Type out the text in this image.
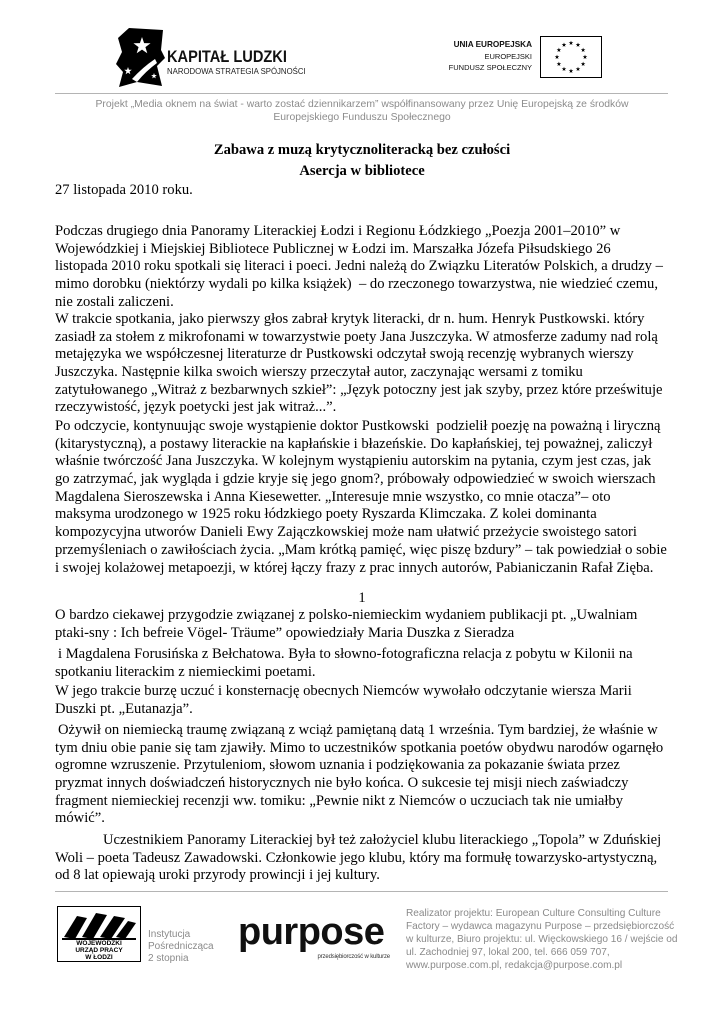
KAPITAŁ LUDZKI
NARODOWA STRATEGIA SPÓJNOŚCI
UNIA EUROPEJSKA
EUROPEJSKI
FUNDUSZ SPOŁECZNY
Projekt „Media oknem na świat - warto zostać dziennikarzem” współfinansowany przez Unię Europejską ze środków
Europejskiego Funduszu Społecznego
Zabawa z muzą krytycznoliteracką bez czułości
Asercja w bibliotece
27 listopada 2010 roku.
Podczas drugiego dnia Panoramy Literackiej Łodzi i Regionu Łódzkiego „Poezja 2001–2010” w
Wojewódzkiej i Miejskiej Bibliotece Publicznej w Łodzi im. Marszałka Józefa Piłsudskiego 26
listopada 2010 roku spotkali się literaci i poeci. Jedni należą do Związku Literatów Polskich, a drudzy –
mimo dorobku (niektórzy wydali po kilka książek)  – do rzeczonego towarzystwa, nie wiedzieć czemu,
nie zostali zaliczeni.
W trakcie spotkania, jako pierwszy głos zabrał krytyk literacki, dr n. hum. Henryk Pustkowski. który
zasiadł za stołem z mikrofonami w towarzystwie poety Jana Juszczyka. W atmosferze zadumy nad rolą
metajęzyka we współczesnej literaturze dr Pustkowski odczytał swoją recenzję wybranych wierszy
Juszczyka. Następnie kilka swoich wierszy przeczytał autor, zaczynając wersami z tomiku
zatytułowanego „Witraż z bezbarwnych szkieł”: „Język potoczny jest jak szyby, przez które prześwituje
rzeczywistość, język poetycki jest jak witraż...”.
Po odczycie, kontynuując swoje wystąpienie doktor Pustkowski  podzielił poezję na poważną i liryczną
(kitarystyczną), a postawy literackie na kapłańskie i błazeńskie. Do kapłańskiej, tej poważnej, zaliczył
właśnie twórczość Jana Juszczyka. W kolejnym wystąpieniu autorskim na pytania, czym jest czas, jak
go zatrzymać, jak wygląda i gdzie kryje się jego gnom?, próbowały odpowiedzieć w swoich wierszach
Magdalena Sieroszewska i Anna Kiesewetter. „Interesuje mnie wszystko, co mnie otacza”– oto
maksyma urodzonego w 1925 roku łódzkiego poety Ryszarda Klimczaka. Z kolei dominanta
kompozycyjna utworów Danieli Ewy Zajączkowskiej może nam ułatwić przeżycie swoistego satori
przemyśleniach o zawiłościach życia. „Mam krótką pamięć, więc piszę bzdury” – tak powiedział o sobie
i swojej kolażowej metapoezji, w której łączy frazy z prac innych autorów, Pabianiczanin Rafał Zięba.
1
O bardzo ciekawej przygodzie związanej z polsko-niemieckim wydaniem publikacji pt. „Uwalniam
ptaki-sny : Ich befreie Vögel- Träume” opowiedziały Maria Duszka z Sieradza
i Magdalena Forusińska z Bełchatowa. Była to słowno-fotograficzna relacja z pobytu w Kilonii na
spotkaniu literackim z niemieckimi poetami.
W jego trakcie burzę uczuć i konsternację obecnych Niemców wywołało odczytanie wiersza Marii
Duszki pt. „Eutanazja”.
Ożywił on niemiecką traumę związaną z wciąż pamiętaną datą 1 września. Tym bardziej, że właśnie w
tym dniu obie panie się tam zjawiły. Mimo to uczestników spotkania poetów obydwu narodów ogarnęło
ogromne wzruszenie. Przytuleniom, słowom uznania i podziękowania za pokazanie świata przez
pryzmat innych doświadczeń historycznych nie było końca. O sukcesie tej misji niech zaświadczy
fragment niemieckiej recenzji ww. tomiku: „Pewnie nikt z Niemców o uczuciach tak nie umiałby
mówić”.
Uczestnikiem Panoramy Literackiej był też założyciel klubu literackiego „Topola” w Zduńskiej
Woli – poeta Tadeusz Zawadowski. Członkowie jego klubu, który ma formułę towarzysko-artystyczną,
od 8 lat opiewają uroki przyrody prowincji i jej kultury.
WOJEWÓDZKI
URZĄD PRACY
W ŁODZI
Instytucja
Pośrednicząca
2 stopnia
purpose
przedsiębiorczość w kulturze
Realizator projektu: European Culture Consulting Culture
Factory – wydawca magazynu Purpose – przedsiębiorczość
w kulturze, Biuro projektu: ul. Więckowskiego 16 / wejście od
ul. Zachodniej 97, lokal 200, tel. 666 059 707,
www.purpose.com.pl, redakcja@purpose.com.pl
